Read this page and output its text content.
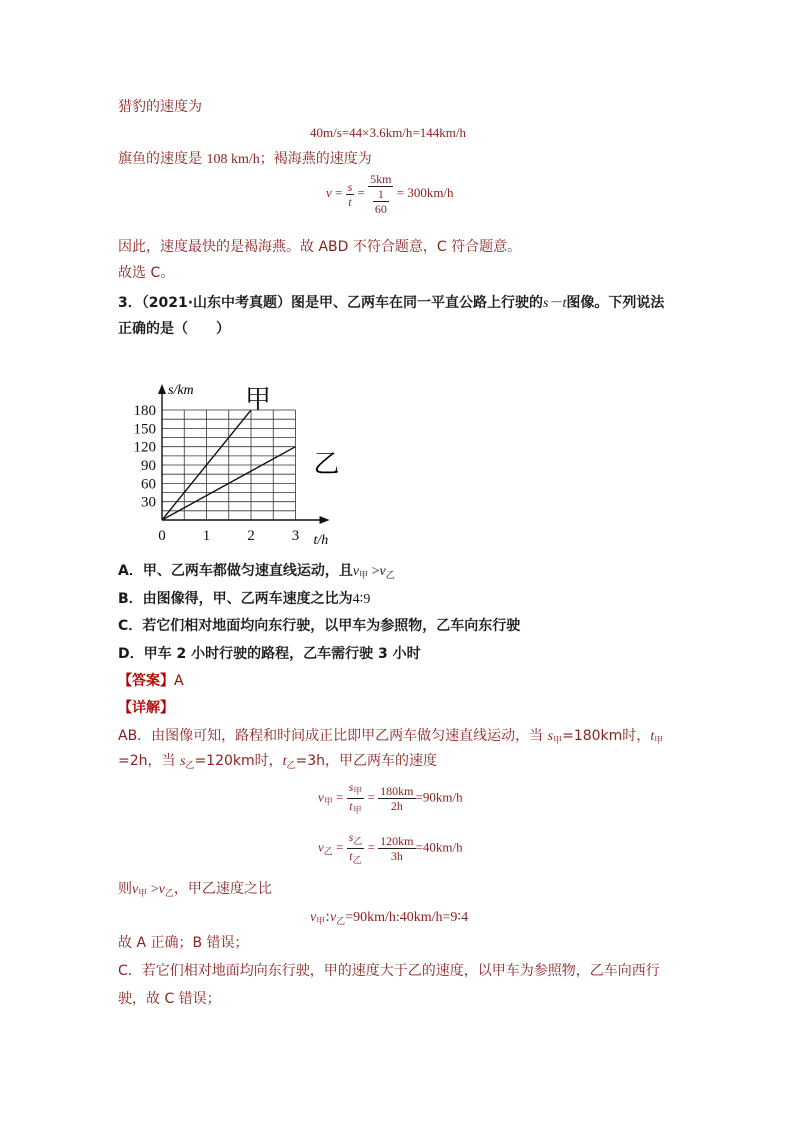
猎豹的速度为
40m/s=44×3.6km/h=144km/h
旗鱼的速度是 108 km/h；褐海燕的速度为
$v = \frac{s}{t} = \frac{5km}{\frac{1}{60}} = 300km/h$
因此，速度最快的是褐海燕。故 ABD 不符合题意，C 符合题意。
故选 C。
3．（2021·山东中考真题）图是甲、乙两车在同一平直公路上行驶的s－t图像。下列说法
正确的是（　　）
0 1 2 3
30
60
90
120
150
180
s/km
t/h
甲
乙
A．甲、乙两车都做匀速直线运动，且$v_甲 >v_乙$
B．由图像得，甲、乙两车速度之比为4∶9
C．若它们相对地面均向东行驶，以甲车为参照物，乙车向东行驶
D．甲车 2 小时行驶的路程，乙车需行驶 3 小时
【答案】A
【详解】
AB．由图像可知，路程和时间成正比即甲乙两车做匀速直线运动，当 $s_甲=180km$时，$t_甲$
=2h，当 $s_乙=120km$时，$t_乙=3h$，甲乙两车的速度
$v_甲 = \frac{s_甲}{t_甲} = \frac{180km}{2h} =90km/h$
$v_乙 = \frac{s_乙}{t_乙} = \frac{120km}{3h} =40km/h$
则$v_甲 >v_乙$，甲乙速度之比
$v_甲:v_乙=90km/h:40km/h=9∶4$
故 A 正确；B 错误；
C．若它们相对地面均向东行驶，甲的速度大于乙的速度，以甲车为参照物，乙车向西行
驶，故 C 错误；
